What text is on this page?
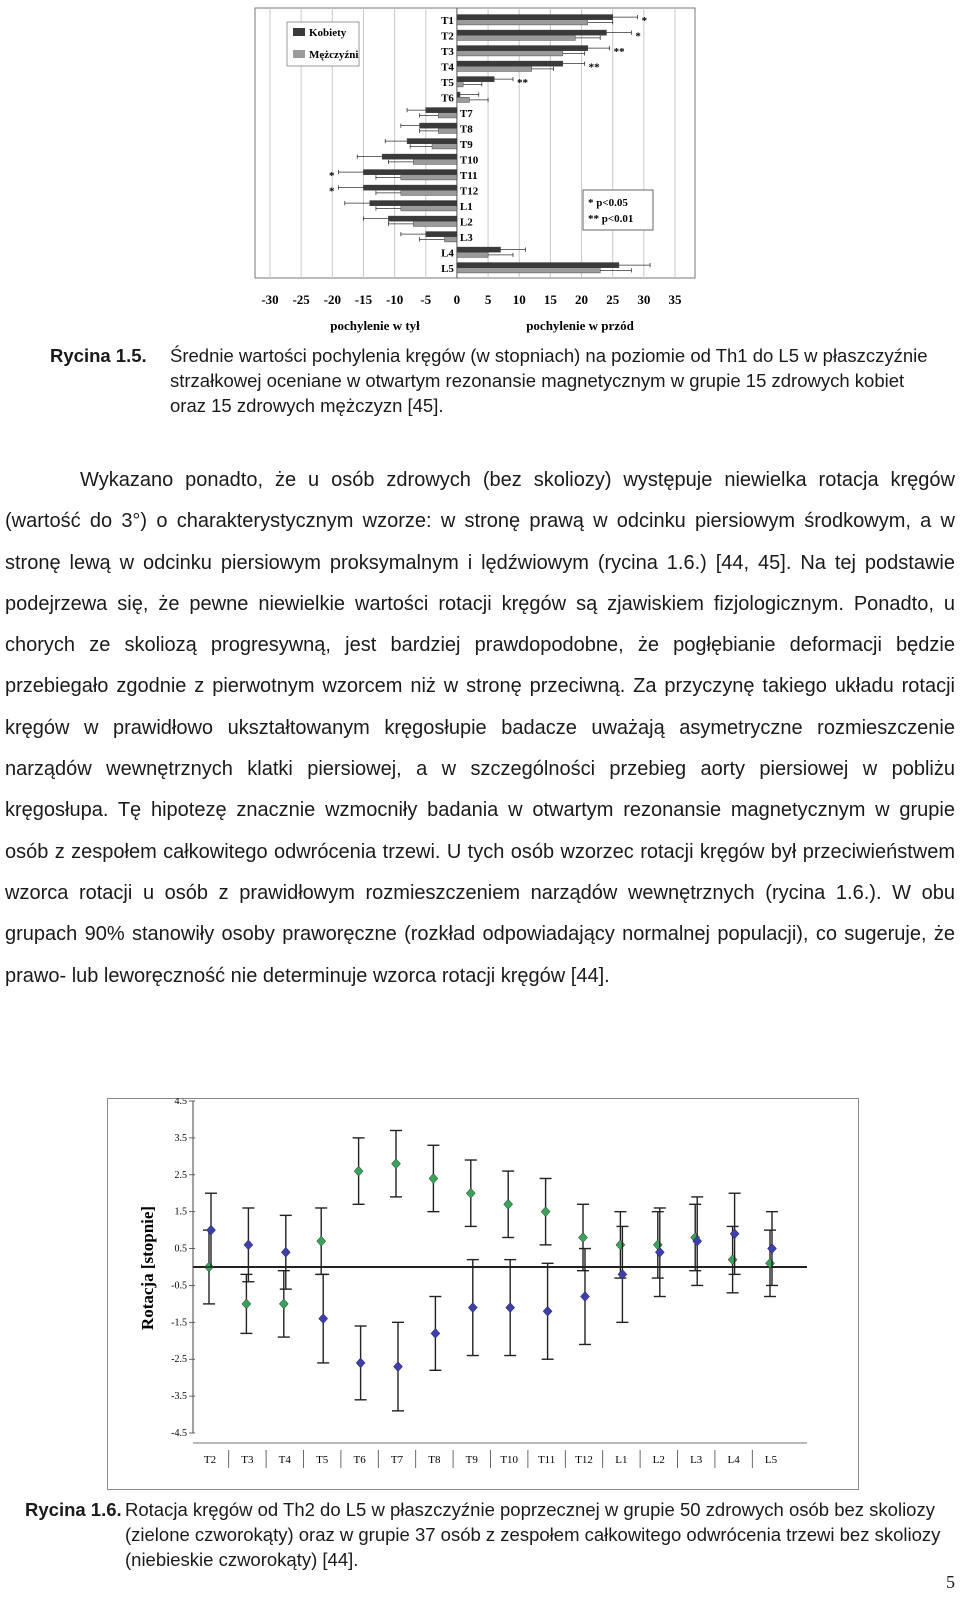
T1
T2
T3
T4
T5
T6
T7
T8
T9
T10
T11
T12
L1
L2
L3
L4
L5
*
*
**
**
**
*
*
-30 -25 -20 -15 -10 -5 0 5 10 15 20 25 30 35
Kobiety
Mężczyźni
* p<0.05
** p<0.01
pochylenie w tył	pochylenie w przód
Rycina 1.5. Średnie wartości pochylenia kręgów (w stopniach) na poziomie od Th1 do L5 w płaszczyźnie strzałkowej oceniane w otwartym rezonansie magnetycznym w grupie 15 zdrowych kobiet oraz 15 zdrowych mężczyzn [45].

Wykazano ponadto, że u osób zdrowych (bez skoliozy) występuje niewielka rotacja kręgów (wartość do 3°) o charakterystycznym wzorze: w stronę prawą w odcinku piersiowym środkowym, a w stronę lewą w odcinku piersiowym proksymalnym i lędźwiowym (rycina 1.6.) [44, 45]. Na tej podstawie podejrzewa się, że pewne niewielkie wartości rotacji kręgów są zjawiskiem fizjologicznym. Ponadto, u chorych ze skoliozą progresywną, jest bardziej prawdopodobne, że pogłębianie deformacji będzie przebiegało zgodnie z pierwotnym wzorcem niż w stronę przeciwną. Za przyczynę takiego układu rotacji kręgów w prawidłowo ukształtowanym kręgosłupie badacze uważają asymetryczne rozmieszczenie narządów wewnętrznych klatki piersiowej, a w szczególności przebieg aorty piersiowej w pobliżu kręgosłupa. Tę hipotezę znacznie wzmocniły badania w otwartym rezonansie magnetycznym w grupie osób z zespołem całkowitego odwrócenia trzewi. U tych osób wzorzec rotacji kręgów był przeciwieństwem wzorca rotacji u osób z prawidłowym rozmieszczeniem narządów wewnętrznych (rycina 1.6.). W obu grupach 90% stanowiły osoby praworęczne (rozkład odpowiadający normalnej populacji), co sugeruje, że prawo- lub leworęczność nie determinuje wzorca rotacji kręgów [44].

4.5
3.5
2.5
1.5
0.5
-0.5
-1.5
-2.5
-3.5
-4.5
T2 T3 T4 T5 T6 T7 T8 T9 T10 T11 T12 L1 L2 L3 L4 L5
Rotacja [stopnie]
Rycina 1.6. Rotacja kręgów od Th2 do L5 w płaszczyźnie poprzecznej w grupie 50 zdrowych osób bez skoliozy (zielone czworokąty) oraz w grupie 37 osób z zespołem całkowitego odwrócenia trzewi bez skoliozy (niebieskie czworokąty) [44].
5
